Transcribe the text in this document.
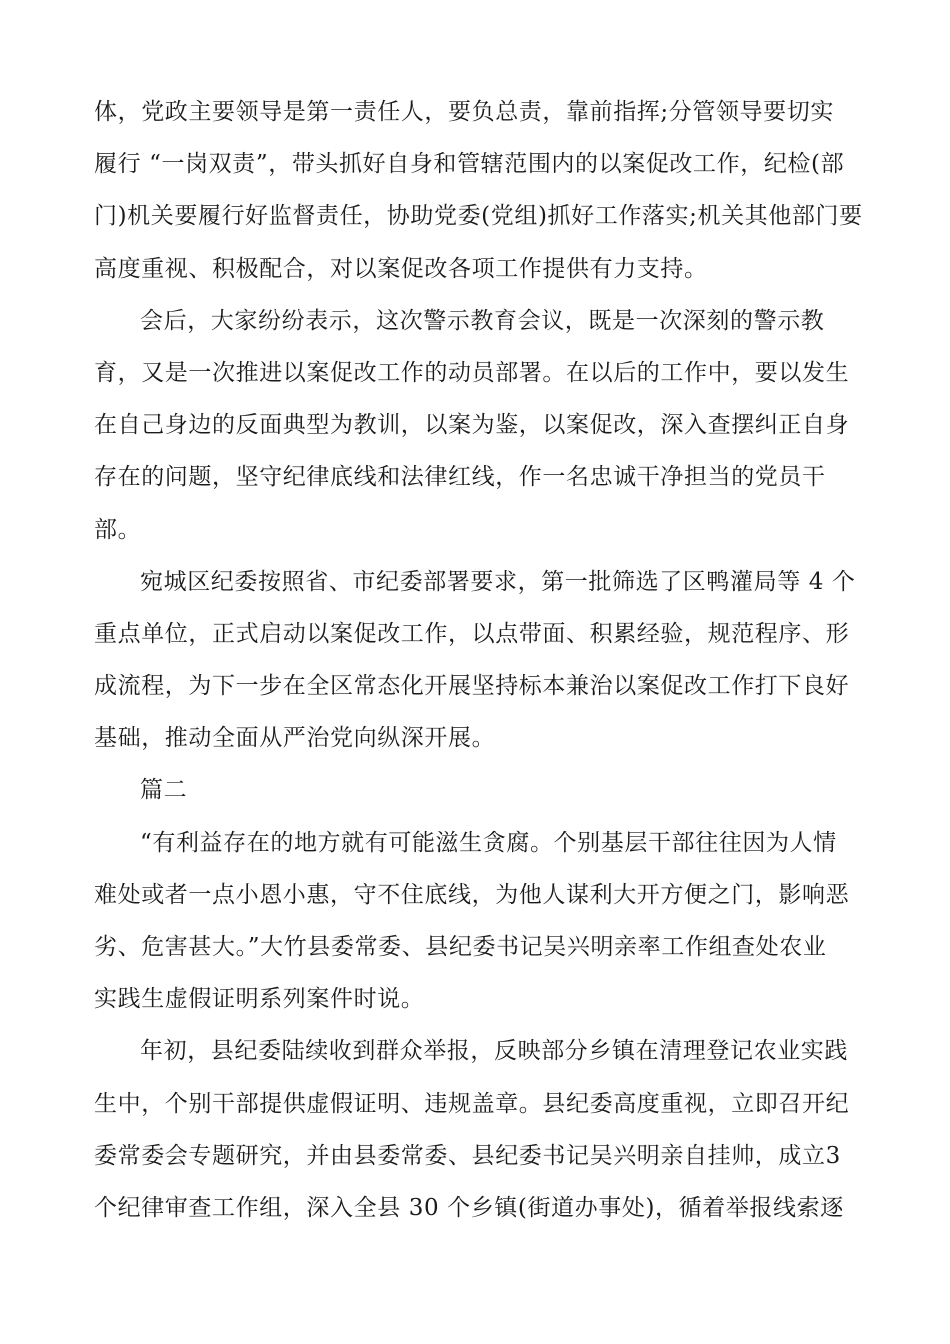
体，党政主要领导是第一责任人，要负总责，靠前指挥;分管领导要切实
履行 “一岗双责”，带头抓好自身和管辖范围内的以案促改工作，纪检(部
门)机关要履行好监督责任，协助党委(党组)抓好工作落实;机关其他部门要
高度重视、积极配合，对以案促改各项工作提供有力支持。
会后，大家纷纷表示，这次警示教育会议，既是一次深刻的警示教
育，又是一次推进以案促改工作的动员部署。在以后的工作中，要以发生
在自己身边的反面典型为教训，以案为鉴，以案促改，深入查摆纠正自身
存在的问题，坚守纪律底线和法律红线，作一名忠诚干净担当的党员干
部。
宛城区纪委按照省、市纪委部署要求，第一批筛选了区鸭灌局等 4 个
重点单位，正式启动以案促改工作，以点带面、积累经验，规范程序、形
成流程，为下一步在全区常态化开展坚持标本兼治以案促改工作打下良好
基础，推动全面从严治党向纵深开展。
篇二
“有利益存在的地方就有可能滋生贪腐。个别基层干部往往因为人情
难处或者一点小恩小惠，守不住底线，为他人谋利大开方便之门，影响恶
劣、危害甚大。”大竹县委常委、县纪委书记吴兴明亲率工作组查处农业
实践生虚假证明系列案件时说。
年初，县纪委陆续收到群众举报，反映部分乡镇在清理登记农业实践
生中，个别干部提供虚假证明、违规盖章。县纪委高度重视，立即召开纪
委常委会专题研究，并由县委常委、县纪委书记吴兴明亲自挂帅，成立3
个纪律审查工作组，深入全县 30 个乡镇(街道办事处)，循着举报线索逐
